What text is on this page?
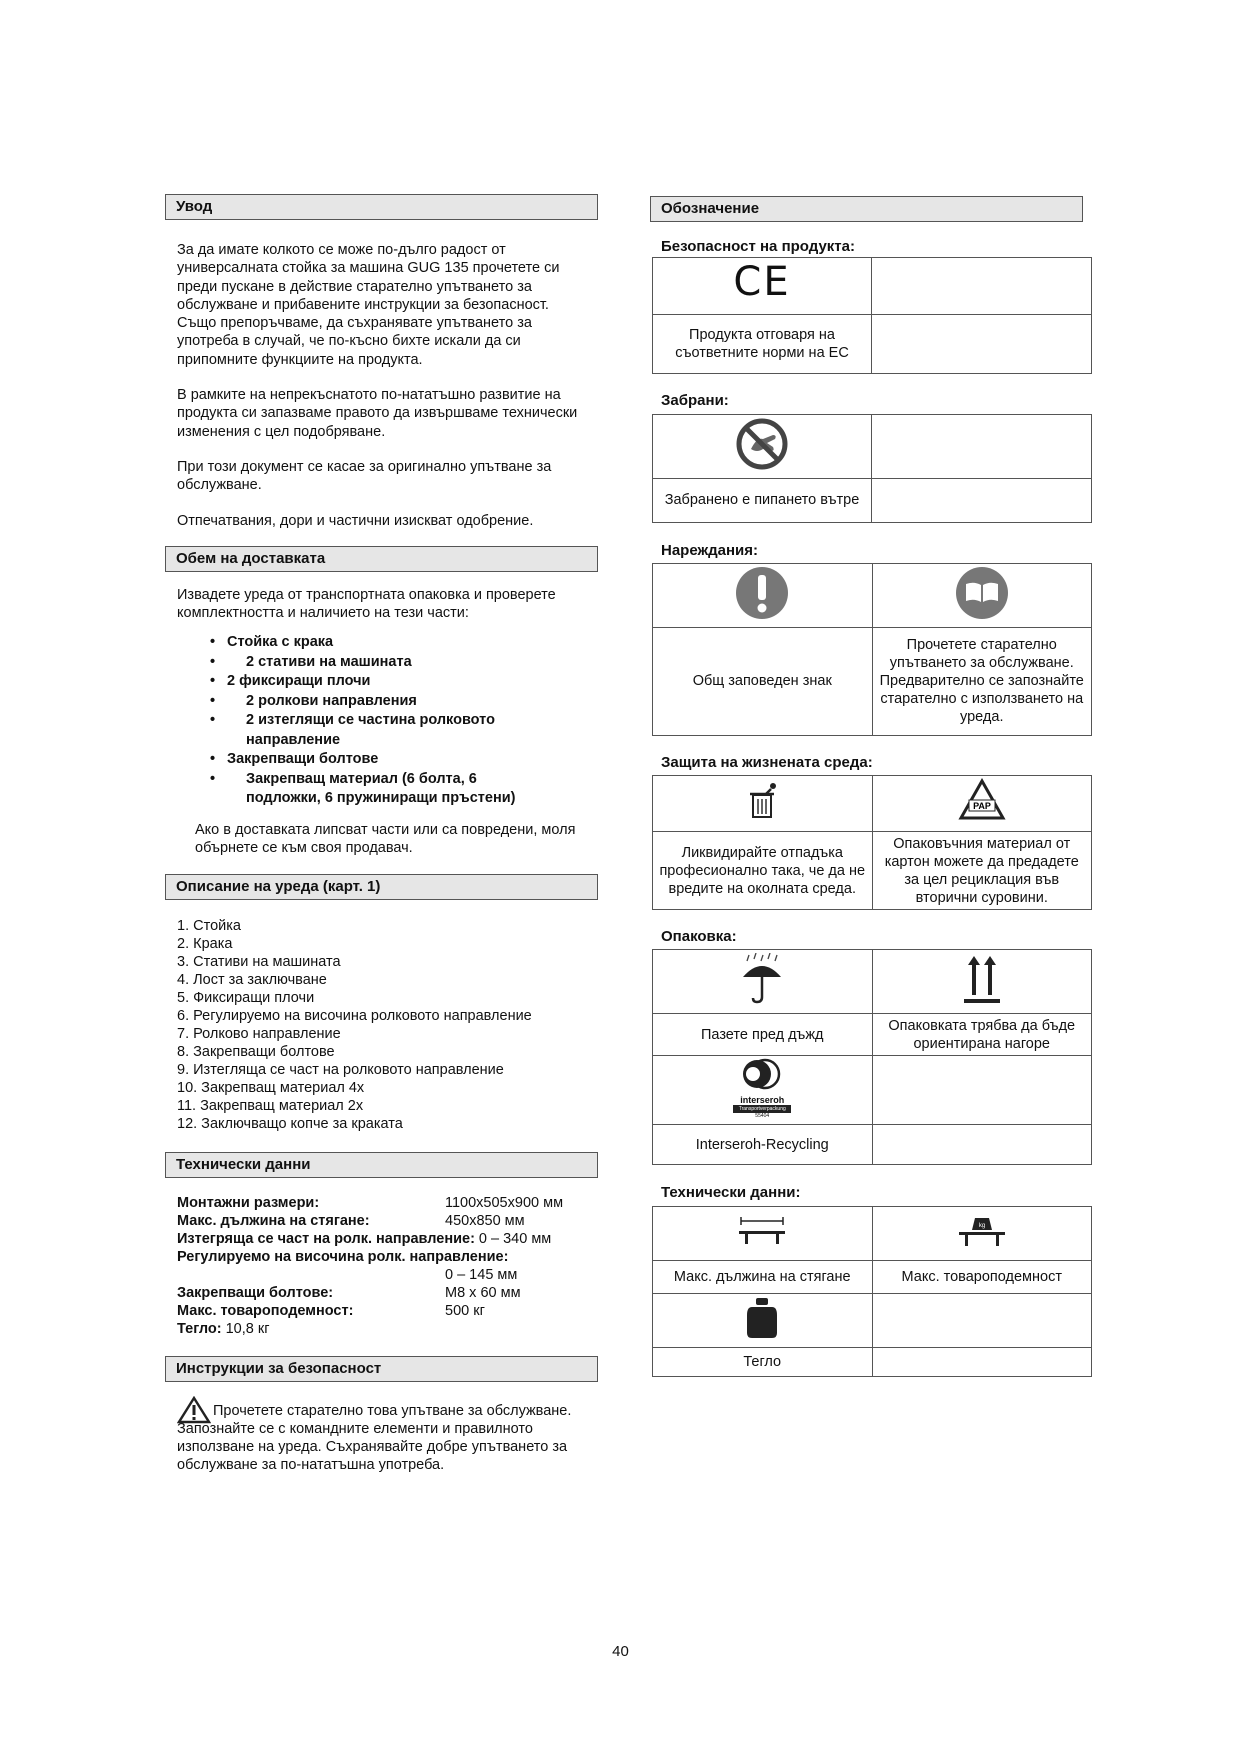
Увод

За да имате колкото се може по-дълго радост от универсалната стойка за машина GUG 135 прочетете си преди пускане в действие старателно упътването за обслужване и прибавените инструкции за безопасност. Също препоръчваме, да съхранявате упътването за употреба в случай, че по-късно бихте искали да си припомните функциите на продукта.

В рамките на непрекъснатото по-нататъшно развитие на продукта си запазваме правото да извършваме технически изменения с цел подобряване.

При този документ се касае за оригинално упътване за обслужване.

Отпечатвания, дори и частични изискват одобрение.

Обем на доставката

Извадете уреда от транспортната опаковка и проверете комплектността и наличието на тези части:

• Стойка с крака
• 2 стативи на машината
• 2 фиксиращи плочи
• 2 ролкови направления
• 2 изтеглящи се частина ролковото направление
• Закрепващи болтове
• Закрепващ материал (6 болта, 6 подложки, 6 пружиниращи пръстени)

Ако в доставката липсват части или са повредени, моля обърнете се към своя продавач.

Описание на уреда (карт. 1)
1. Стойка
2. Крака
3. Стативи на машината
4. Лост за заключване
5. Фиксиращи плочи
6. Регулируемо на височина ролковото направление
7. Ролково направление
8. Закрепващи болтове
9. Изтегляща се част на ролковото направление
10. Закрепващ материал 4x
11. Закрепващ материал 2x
12. Заключващо копче за краката
Технически данни
Монтажни размери:	1100x505x900 мм
Макс. дължина на стягане:	450x850 мм
Изтегряща се част на ролк. направление: 0 – 340 мм
Регулируемо на височина ролк. направление:
0 – 145 мм
Закрепващи болтове:	M8 x 60 мм
Макс. товароподемност:	500 кг
Тегло: 10,8 кг
Инструкции за безопасност

Прочетете старателно това упътване за обслужване. Запознайте се с командните елементи и правилното използване на уреда. Съхранявайте добре упътването за обслужване за по-нататъшна употреба.

Обозначение

Безопасност на продукта:

CE	
Продукта отговаря на съответните норми на ЕС	

Забрани:

Забранено е пипането вътре	

Нареждания:

Общ заповеден знак	Прочетете старателно упътването за обслужване. Предварително се запознайте старателно с използването на уреда.

Защита на жизнената среда:

PAP

Ликвидирайте отпадъка професионално така, че да не вредите на околната среда.	Опаковъчния материал от картон можете да предадете за цел рециклация във вторични суровини.

Опаковка:

Пазете пред дъжд	Опаковката трябва да бъде ориентирана нагоре

interseroh
Transportverpackung
55404	

Interseroh-Recycling	

Технически данни:

kg

Макс. дължина на стягане	Макс. товароподемност

Тегло	
40
